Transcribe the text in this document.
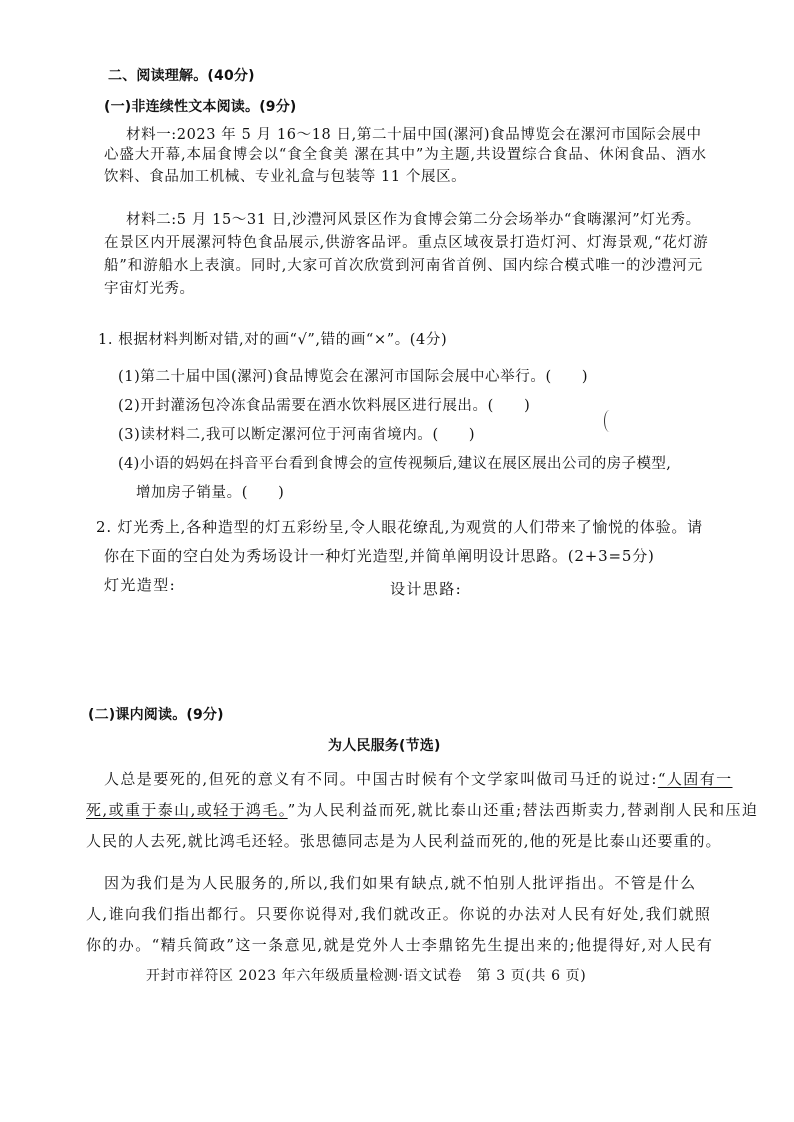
二、阅读理解。(40分)
(一)非连续性文本阅读。(9分)
材料一:2023 年 5 月 16～18 日,第二十届中国(漯河)食品博览会在漯河市国际会展中
心盛大开幕,本届食博会以“食全食美 漯在其中”为主题,共设置综合食品、休闲食品、酒水
饮料、食品加工机械、专业礼盒与包装等 11 个展区。
材料二:5 月 15～31 日,沙澧河风景区作为食博会第二分会场举办“食嗨漯河”灯光秀。
在景区内开展漯河特色食品展示,供游客品评。重点区域夜景打造灯河、灯海景观,“花灯游
船”和游船水上表演。同时,大家可首次欣赏到河南省首例、国内综合模式唯一的沙澧河元
宇宙灯光秀。
1. 根据材料判断对错,对的画“√”,错的画“×”。(4分)
(1)第二十届中国(漯河)食品博览会在漯河市国际会展中心举行。(　　)
(2)开封灌汤包冷冻食品需要在酒水饮料展区进行展出。(　　)
(3)读材料二,我可以断定漯河位于河南省境内。(　　)
(4)小语的妈妈在抖音平台看到食博会的宣传视频后,建议在展区展出公司的房子模型,
增加房子销量。(　　)
2. 灯光秀上,各种造型的灯五彩纷呈,令人眼花缭乱,为观赏的人们带来了愉悦的体验。请
你在下面的空白处为秀场设计一种灯光造型,并简单阐明设计思路。(2+3=5分)
灯光造型:	设计思路:
(二)课内阅读。(9分)
为人民服务(节选)
人总是要死的,但死的意义有不同。中国古时候有个文学家叫做司马迁的说过:“人固有一
死,或重于泰山,或轻于鸿毛。”为人民利益而死,就比泰山还重;替法西斯卖力,替剥削人民和压迫
人民的人去死,就比鸿毛还轻。张思德同志是为人民利益而死的,他的死是比泰山还要重的。
因为我们是为人民服务的,所以,我们如果有缺点,就不怕别人批评指出。不管是什么
人,谁向我们指出都行。只要你说得对,我们就改正。你说的办法对人民有好处,我们就照
你的办。“精兵简政”这一条意见,就是党外人士李鼎铭先生提出来的;他提得好,对人民有
开封市祥符区 2023 年六年级质量检测·语文试卷　第 3 页(共 6 页)
